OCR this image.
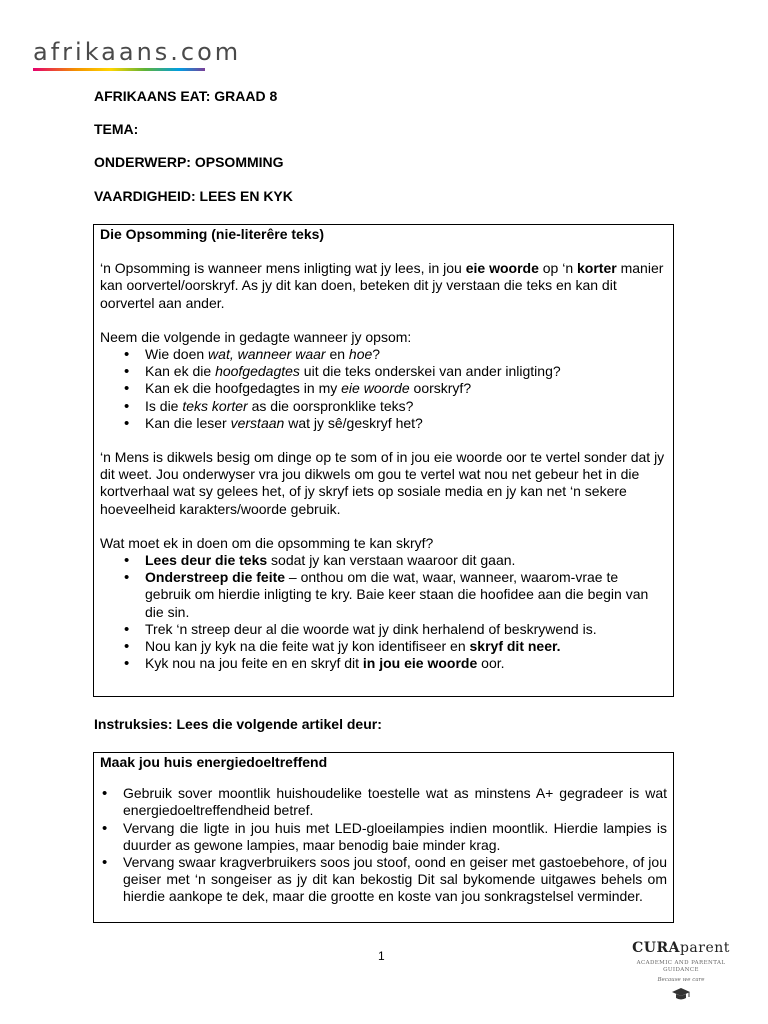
afrikaans.com
AFRIKAANS EAT: GRAAD 8
TEMA:
ONDERWERP: OPSOMMING
VAARDIGHEID: LEES EN KYK

Die Opsomming (nie-literêre teks)

‘n Opsomming is wanneer mens inligting wat jy lees, in jou eie woorde op ‘n korter manier kan oorvertel/oorskryf. As jy dit kan doen, beteken dit jy verstaan die teks en kan dit oorvertel aan ander.

Neem die volgende in gedagte wanneer jy opsom:

• Wie doen wat, wanneer waar en hoe?
• Kan ek die hoofgedagtes uit die teks onderskei van ander inligting?
• Kan ek die hoofgedagtes in my eie woorde oorskryf?
• Is die teks korter as die oorspronklike teks?
• Kan die leser verstaan wat jy sê/geskryf het?

‘n Mens is dikwels besig om dinge op te som of in jou eie woorde oor te vertel sonder dat jy dit weet. Jou onderwyser vra jou dikwels om gou te vertel wat nou net gebeur het in die kortverhaal wat sy gelees het, of jy skryf iets op sosiale media en jy kan net ‘n sekere hoeveelheid karakters/woorde gebruik.

Wat moet ek in doen om die opsomming te kan skryf?

• Lees deur die teks sodat jy kan verstaan waaroor dit gaan.
• Onderstreep die feite – onthou om die wat, waar, wanneer, waarom-vrae te gebruik om hierdie inligting te kry. Baie keer staan die hoofidee aan die begin van die sin.
• Trek ‘n streep deur al die woorde wat jy dink herhalend of beskrywend is.
• Nou kan jy kyk na die feite wat jy kon identifiseer en skryf dit neer.
• Kyk nou na jou feite en en skryf dit in jou eie woorde oor.
Instruksies: Lees die volgende artikel deur:

Maak jou huis energiedoeltreffend

• Gebruik sover moontlik huishoudelike toestelle wat as minstens A+ gegradeer is wat energiedoeltreffendheid betref.
• Vervang die ligte in jou huis met LED-gloeilampies indien moontlik. Hierdie lampies is duurder as gewone lampies, maar benodig baie minder krag.
• Vervang swaar kragverbruikers soos jou stoof, oond en geiser met gastoebehore, of jou geiser met ‘n songeiser as jy dit kan bekostig Dit sal bykomende uitgawes behels om hierdie aankope te dek, maar die grootte en koste van jou sonkragstelsel verminder.
1	CURAparent
ACADEMIC AND PARENTAL GUIDANCE
Because we care
